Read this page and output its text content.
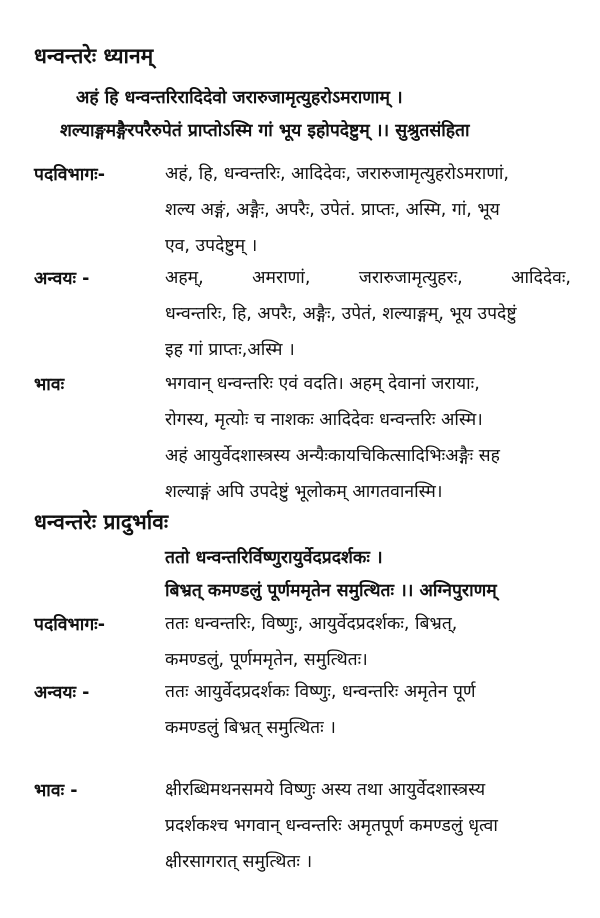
धन्वन्तरेः ध्यानम्
अहं हि धन्वन्तरिरादिदेवो जरारुजामृत्युहरोऽमराणाम् ।
शल्याङ्गमङ्गैरपरैरुपेतं प्राप्तोऽस्मि गां भूय इहोपदेष्टुम् ।। सुश्रुतसंहिता
पदविभागः-	अहं, हि, धन्वन्तरिः, आदिदेवः, जरारुजामृत्युहरोऽमराणां,
शल्य अङ्गं, अङ्गैः, अपरैः, उपेतं. प्राप्तः, अस्मि, गां, भूय
एव, उपदेष्टुम् ।
अन्वयः -	अहम्, अमराणां, जरारुजामृत्युहरः, आदिदेवः,
धन्वन्तरिः, हि, अपरैः, अङ्गैः, उपेतं, शल्याङ्गम्, भूय उपदेष्टुं
इह गां प्राप्तः,अस्मि ।
भावः	भगवान् धन्वन्तरिः एवं वदति। अहम् देवानां जरायाः,
रोगस्य, मृत्योः च नाशकः आदिदेवः धन्वन्तरिः अस्मि।
अहं आयुर्वेदशास्त्रस्य अन्यैःकायचिकित्सादिभिःअङ्गैः सह
शल्याङ्गं अपि उपदेष्टुं भूलोकम् आगतवानस्मि।
धन्वन्तरेः प्रादुर्भावः
ततो धन्वन्तरिर्विष्णुरायुर्वेदप्रदर्शकः ।
बिभ्रत् कमण्डलुं पूर्णममृतेन समुत्थितः ।। अग्निपुराणम्
पदविभागः-	ततः धन्वन्तरिः, विष्णुः, आयुर्वेदप्रदर्शकः, बिभ्रत्,
कमण्डलुं, पूर्णममृतेन, समुत्थितः।
अन्वयः -	ततः आयुर्वेदप्रदर्शकः विष्णुः, धन्वन्तरिः अमृतेन पूर्ण
कमण्डलुं बिभ्रत् समुत्थितः ।
भावः -	क्षीरब्धिमथनसमये विष्णुः अस्य तथा आयुर्वेदशास्त्रस्य
प्रदर्शकश्च भगवान् धन्वन्तरिः अमृतपूर्ण कमण्डलुं धृत्वा
क्षीरसागरात् समुत्थितः ।
